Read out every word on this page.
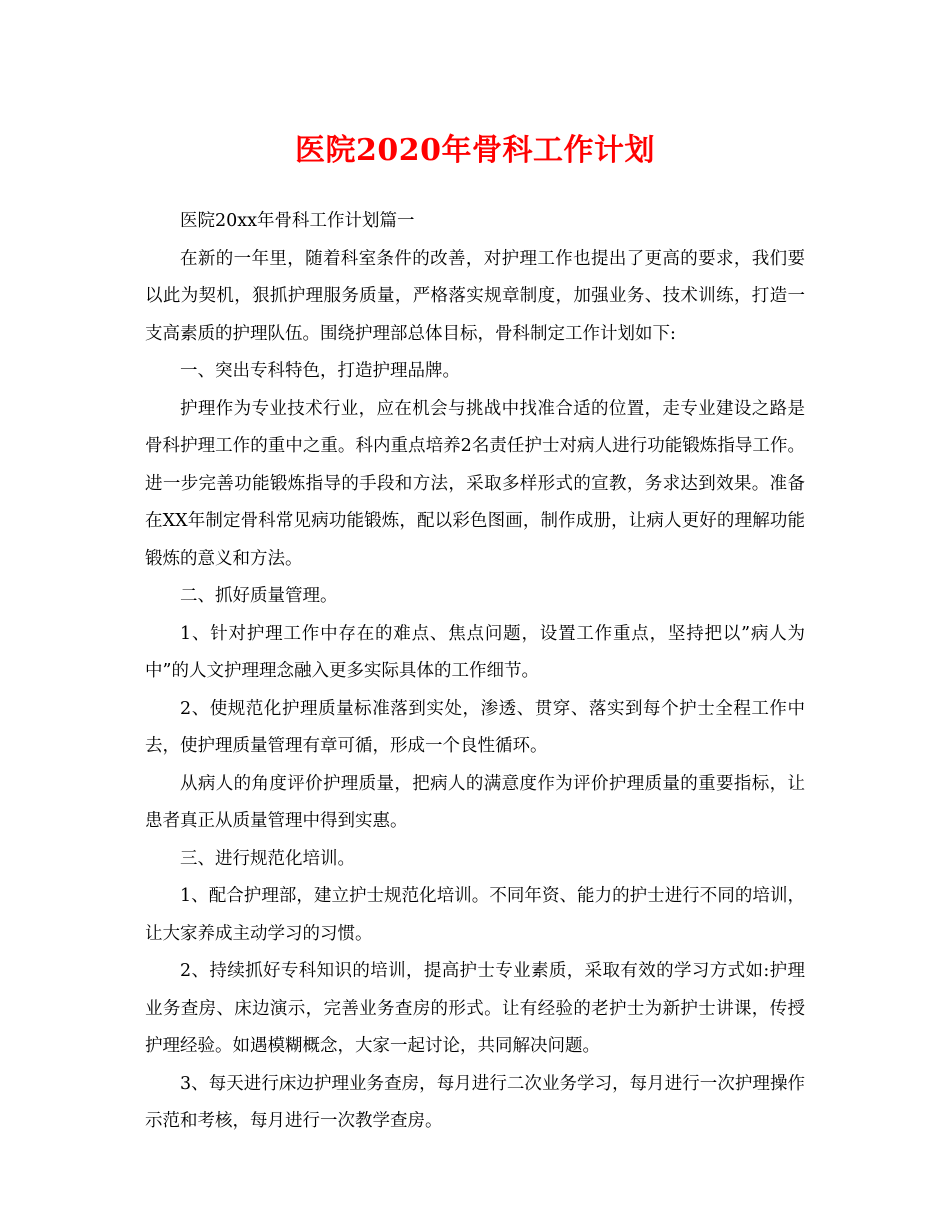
医院2020年骨科工作计划

医院20xx年骨科工作计划篇一

在新的一年里，随着科室条件的改善，对护理工作也提出了更高的要求，我们要以此为契机，狠抓护理服务质量，严格落实规章制度，加强业务、技术训练，打造一支高素质的护理队伍。围绕护理部总体目标，骨科制定工作计划如下:

一、突出专科特色，打造护理品牌。

护理作为专业技术行业，应在机会与挑战中找准合适的位置，走专业建设之路是骨科护理工作的重中之重。科内重点培养2名责任护士对病人进行功能锻炼指导工作。进一步完善功能锻炼指导的手段和方法，采取多样形式的宣教，务求达到效果。准备在XX年制定骨科常见病功能锻炼，配以彩色图画，制作成册，让病人更好的理解功能锻炼的意义和方法。

二、抓好质量管理。

1、针对护理工作中存在的难点、焦点问题，设置工作重点，坚持把以”病人为中”的人文护理理念融入更多实际具体的工作细节。

2、使规范化护理质量标准落到实处，渗透、贯穿、落实到每个护士全程工作中去，使护理质量管理有章可循，形成一个良性循环。

从病人的角度评价护理质量，把病人的满意度作为评价护理质量的重要指标，让患者真正从质量管理中得到实惠。

三、进行规范化培训。

1、配合护理部，建立护士规范化培训。不同年资、能力的护士进行不同的培训，让大家养成主动学习的习惯。

2、持续抓好专科知识的培训，提高护士专业素质，采取有效的学习方式如:护理业务查房、床边演示，完善业务查房的形式。让有经验的老护士为新护士讲课，传授护理经验。如遇模糊概念，大家一起讨论，共同解决问题。

3、每天进行床边护理业务查房，每月进行二次业务学习，每月进行一次护理操作示范和考核，每月进行一次教学查房。
